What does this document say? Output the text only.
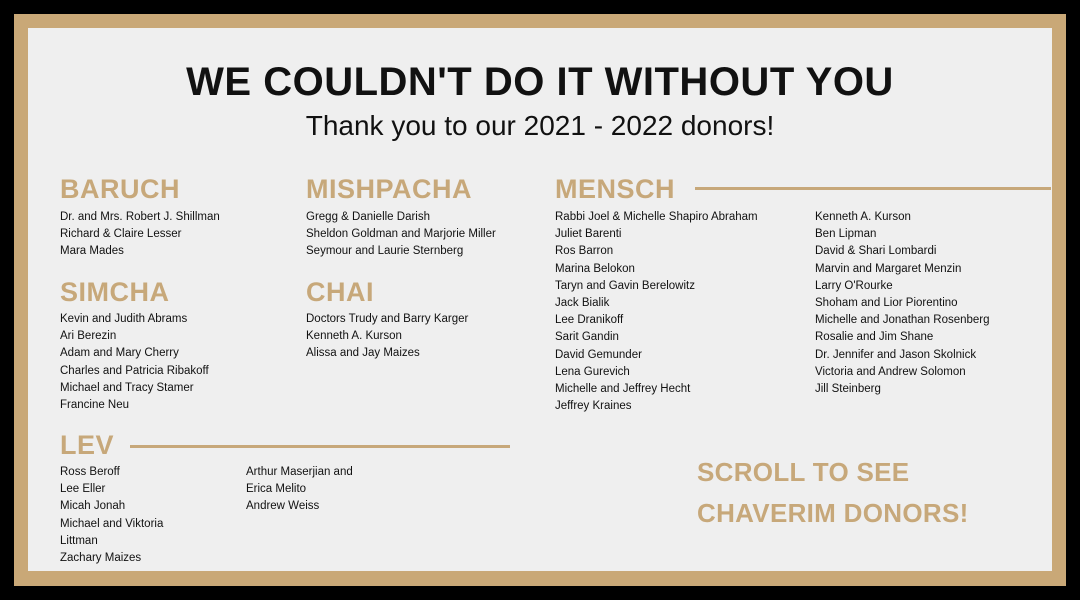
WE COULDN'T DO IT WITHOUT YOU
Thank you to our 2021 - 2022 donors!
BARUCH
Dr. and Mrs. Robert J. Shillman
Richard & Claire Lesser
Mara Mades
MISHPACHA
Gregg & Danielle Darish
Sheldon Goldman and Marjorie Miller
Seymour and Laurie Sternberg
MENSCH
Rabbi Joel & Michelle Shapiro Abraham
Juliet Barenti
Ros Barron
Marina Belokon
Taryn and Gavin Berelowitz
Jack Bialik
Lee Dranikoff
Sarit Gandin
David Gemunder
Lena Gurevich
Michelle and Jeffrey Hecht
Jeffrey Kraines
Kenneth A. Kurson
Ben Lipman
David & Shari Lombardi
Marvin and Margaret Menzin
Larry O'Rourke
Shoham and Lior Piorentino
Michelle and Jonathan Rosenberg
Rosalie and Jim Shane
Dr. Jennifer and Jason Skolnick
Victoria and Andrew Solomon
Jill Steinberg
SIMCHA
Kevin and Judith Abrams
Ari Berezin
Adam and Mary Cherry
Charles and Patricia Ribakoff
Michael and Tracy Stamer
Francine Neu
CHAI
Doctors Trudy and Barry Karger
Kenneth A. Kurson
Alissa and Jay Maizes
LEV
Ross Beroff
Lee Eller
Micah Jonah
Michael and Viktoria
Littman
Zachary Maizes
Arthur Maserjian and
Erica Melito
Andrew Weiss
SCROLL TO SEE
CHAVERIM DONORS!
